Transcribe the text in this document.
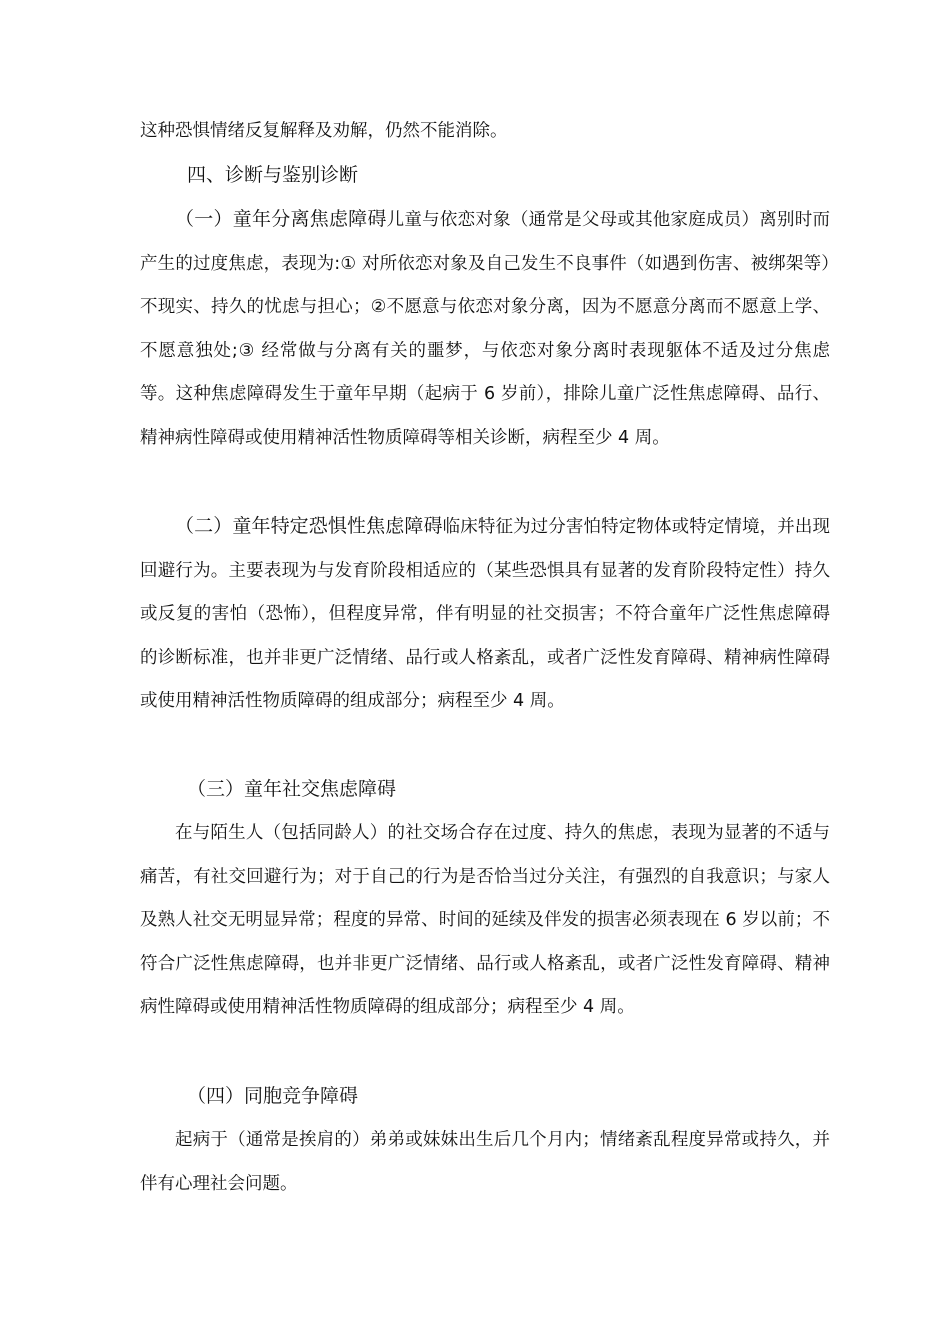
这种恐惧情绪反复解释及劝解，仍然不能消除。

四、诊断与鉴别诊断

（一）童年分离焦虑障碍儿童与依恋对象（通常是父母或其他家庭成员）离别时而产生的过度焦虑，表现为:① 对所依恋对象及自己发生不良事件（如遇到伤害、被绑架等）不现实、持久的忧虑与担心；②不愿意与依恋对象分离，因为不愿意分离而不愿意上学、不愿意独处;③ 经常做与分离有关的噩梦，与依恋对象分离时表现躯体不适及过分焦虑等。这种焦虑障碍发生于童年早期（起病于 6 岁前），排除儿童广泛性焦虑障碍、品行、精神病性障碍或使用精神活性物质障碍等相关诊断，病程至少 4 周。

（二）童年特定恐惧性焦虑障碍临床特征为过分害怕特定物体或特定情境，并出现回避行为。主要表现为与发育阶段相适应的（某些恐惧具有显著的发育阶段特定性）持久或反复的害怕（恐怖），但程度异常，伴有明显的社交损害；不符合童年广泛性焦虑障碍的诊断标准，也并非更广泛情绪、品行或人格紊乱，或者广泛性发育障碍、精神病性障碍或使用精神活性物质障碍的组成部分；病程至少 4 周。

（三）童年社交焦虑障碍

在与陌生人（包括同龄人）的社交场合存在过度、持久的焦虑，表现为显著的不适与痛苦，有社交回避行为；对于自己的行为是否恰当过分关注，有强烈的自我意识；与家人及熟人社交无明显异常；程度的异常、时间的延续及伴发的损害必须表现在 6 岁以前；不符合广泛性焦虑障碍，也并非更广泛情绪、品行或人格紊乱，或者广泛性发育障碍、精神病性障碍或使用精神活性物质障碍的组成部分；病程至少 4 周。

（四）同胞竞争障碍

起病于（通常是挨肩的）弟弟或妹妹出生后几个月内；情绪紊乱程度异常或持久，并伴有心理社会问题。
